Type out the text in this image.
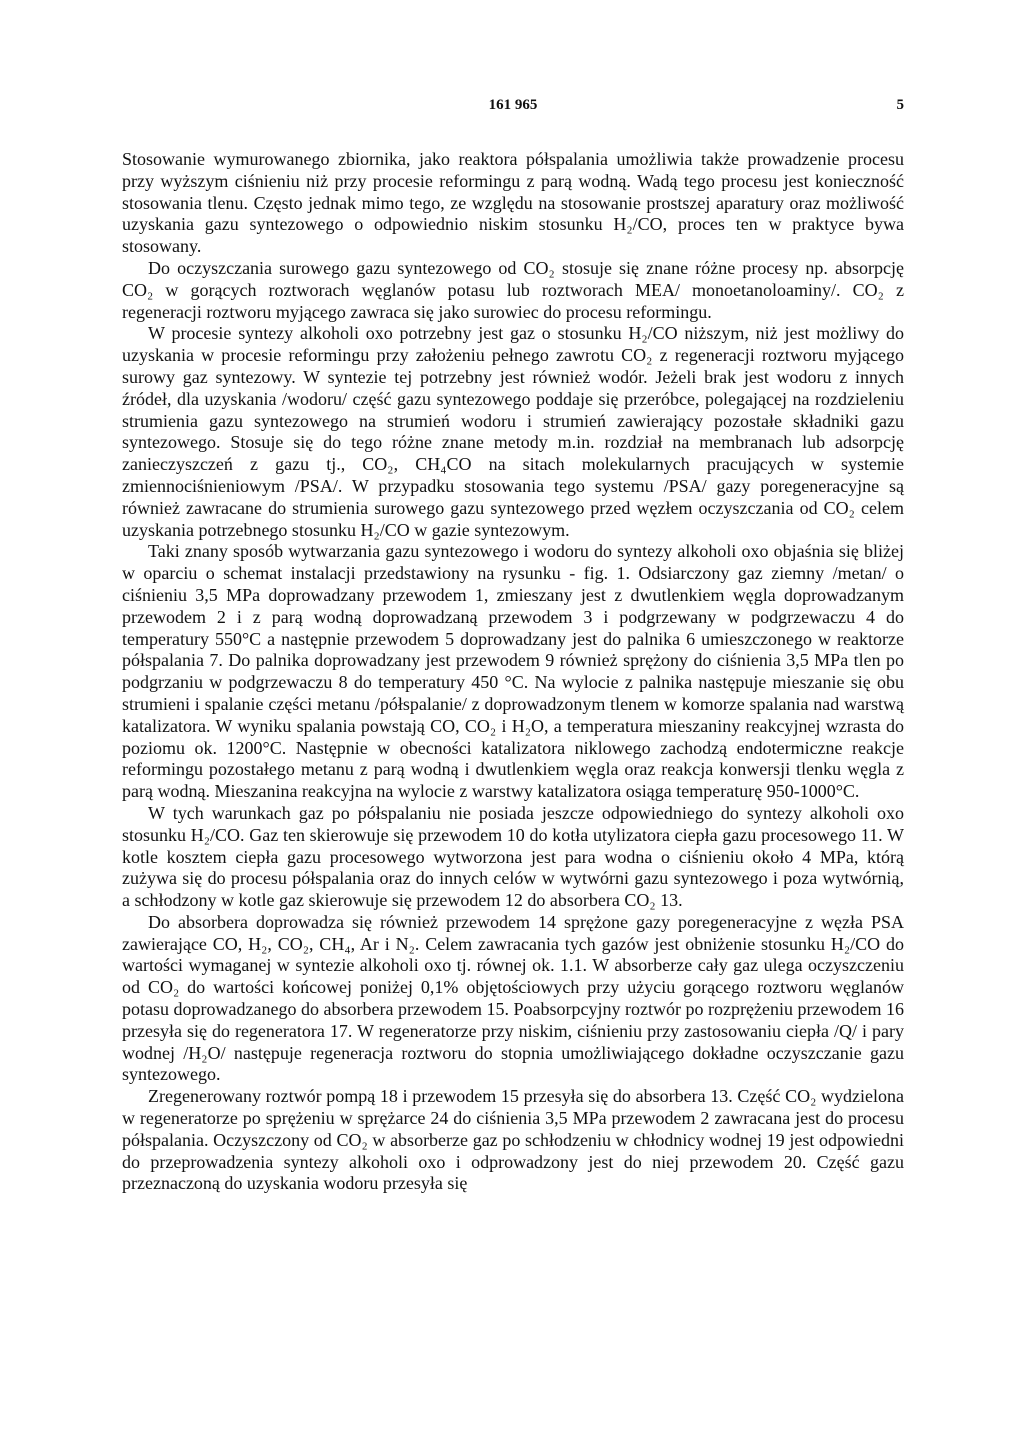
161 965	5

Stosowanie wymurowanego zbiornika, jako reaktora półspalania umożliwia także prowadzenie procesu przy wyższym ciśnieniu niż przy procesie reformingu z parą wodną. Wadą tego procesu jest konieczność stosowania tlenu. Często jednak mimo tego, ze względu na stosowanie prostszej aparatury oraz możliwość uzyskania gazu syntezowego o odpowiednio niskim stosunku H₂/CO, proces ten w praktyce bywa stosowany.

Do oczyszczania surowego gazu syntezowego od CO₂ stosuje się znane różne procesy np. absorpcję CO₂ w gorących roztworach węglanów potasu lub roztworach MEA/ monoetanoloaminy/. CO₂ z regeneracji roztworu myjącego zawraca się jako surowiec do procesu reformingu.

W procesie syntezy alkoholi oxo potrzebny jest gaz o stosunku H₂/CO niższym, niż jest możliwy do uzyskania w procesie reformingu przy założeniu pełnego zawrotu CO₂ z regeneracji roztworu myjącego surowy gaz syntezowy. W syntezie tej potrzebny jest również wodór. Jeżeli brak jest wodoru z innych źródeł, dla uzyskania /wodoru/ część gazu syntezowego poddaje się przeróbce, polegającej na rozdzieleniu strumienia gazu syntezowego na strumień wodoru i strumień zawierający pozostałe składniki gazu syntezowego. Stosuje się do tego różne znane metody m.in. rozdział na membranach lub adsorpcję zanieczyszczeń z gazu tj., CO₂, CH₄CO na sitach molekularnych pracujących w systemie zmiennociśnieniowym /PSA/. W przypadku stosowania tego systemu /PSA/ gazy poregeneracyjne są również zawracane do strumienia surowego gazu syntezowego przed węzłem oczyszczania od CO₂ celem uzyskania potrzebnego stosunku H₂/CO w gazie syntezowym.

Taki znany sposób wytwarzania gazu syntezowego i wodoru do syntezy alkoholi oxo objaśnia się bliżej w oparciu o schemat instalacji przedstawiony na rysunku - fig. 1. Odsiarczony gaz ziemny /metan/ o ciśnieniu 3,5 MPa doprowadzany przewodem 1, zmieszany jest z dwutlenkiem węgla doprowadzanym przewodem 2 i z parą wodną doprowadzaną przewodem 3 i podgrzewany w podgrzewaczu 4 do temperatury 550°C a następnie przewodem 5 doprowadzany jest do palnika 6 umieszczonego w reaktorze półspalania 7. Do palnika doprowadzany jest przewodem 9 również sprężony do ciśnienia 3,5 MPa tlen po podgrzaniu w podgrzewaczu 8 do temperatury 450 °C. Na wylocie z palnika następuje mieszanie się obu strumieni i spalanie części metanu /półspalanie/ z doprowadzonym tlenem w komorze spalania nad warstwą katalizatora. W wyniku spalania powstają CO, CO₂ i H₂O, a temperatura mieszaniny reakcyjnej wzrasta do poziomu ok. 1200°C. Następnie w obecności katalizatora niklowego zachodzą endotermiczne reakcje reformingu pozostałego metanu z parą wodną i dwutlenkiem węgla oraz reakcja konwersji tlenku węgla z parą wodną. Mieszanina reakcyjna na wylocie z warstwy katalizatora osiąga temperaturę 950-1000°C.

W tych warunkach gaz po półspalaniu nie posiada jeszcze odpowiedniego do syntezy alkoholi oxo stosunku H₂/CO. Gaz ten skierowuje się przewodem 10 do kotła utylizatora ciepła gazu procesowego 11. W kotle kosztem ciepła gazu procesowego wytworzona jest para wodna o ciśnieniu około 4 MPa, którą zużywa się do procesu półspalania oraz do innych celów w wytwórni gazu syntezowego i poza wytwórnią, a schłodzony w kotle gaz skierowuje się przewodem 12 do absorbera CO₂ 13.

Do absorbera doprowadza się również przewodem 14 sprężone gazy poregeneracyjne z węzła PSA zawierające CO, H₂, CO₂, CH₄, Ar i N₂. Celem zawracania tych gazów jest obniżenie stosunku H₂/CO do wartości wymaganej w syntezie alkoholi oxo tj. równej ok. 1.1. W absorberze cały gaz ulega oczyszczeniu od CO₂ do wartości końcowej poniżej 0,1% objętościowych przy użyciu gorącego roztworu węglanów potasu doprowadzanego do absorbera przewodem 15. Poabsorpcyjny roztwór po rozprężeniu przewodem 16 przesyła się do regeneratora 17. W regeneratorze przy niskim, ciśnieniu przy zastosowaniu ciepła /Q/ i pary wodnej /H₂O/ następuje regeneracja roztworu do stopnia umożliwiającego dokładne oczyszczanie gazu syntezowego.

Zregenerowany roztwór pompą 18 i przewodem 15 przesyła się do absorbera 13. Część CO₂ wydzielona w regeneratorze po sprężeniu w sprężarce 24 do ciśnienia 3,5 MPa przewodem 2 zawracana jest do procesu półspalania. Oczyszczony od CO₂ w absorberze gaz po schłodzeniu w chłodnicy wodnej 19 jest odpowiedni do przeprowadzenia syntezy alkoholi oxo i odprowadzony jest do niej przewodem 20. Część gazu przeznaczoną do uzyskania wodoru przesyła się
